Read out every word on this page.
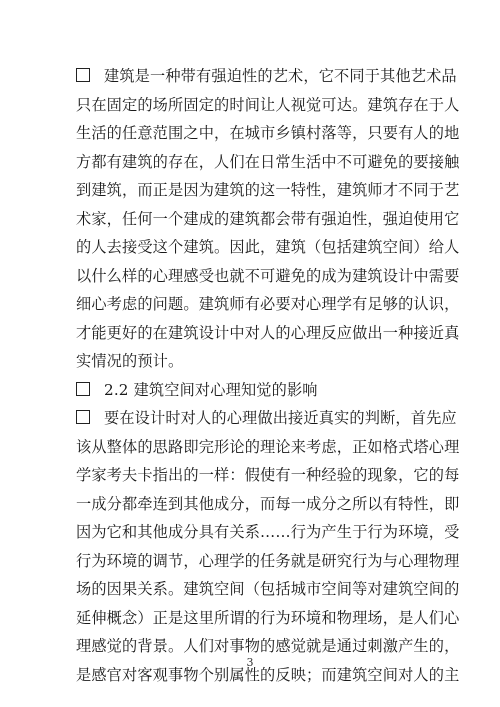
建筑是一种带有强迫性的艺术，它不同于其他艺术品
只在固定的场所固定的时间让人视觉可达。建筑存在于人
生活的任意范围之中，在城市乡镇村落等，只要有人的地
方都有建筑的存在，人们在日常生活中不可避免的要接触
到建筑，而正是因为建筑的这一特性，建筑师才不同于艺
术家，任何一个建成的建筑都会带有强迫性，强迫使用它
的人去接受这个建筑。因此，建筑（包括建筑空间）给人
以什么样的心理感受也就不可避免的成为建筑设计中需要
细心考虑的问题。建筑师有必要对心理学有足够的认识，
才能更好的在建筑设计中对人的心理反应做出一种接近真
实情况的预计。
2.2 建筑空间对心理知觉的影响
要在设计时对人的心理做出接近真实的判断，首先应
该从整体的思路即完形论的理论来考虑，正如格式塔心理
学家考夫卡指出的一样：假使有一种经验的现象，它的每
一成分都牵连到其他成分，而每一成分之所以有特性，即
因为它和其他成分具有关系……行为产生于行为环境，受
行为环境的调节，心理学的任务就是研究行为与心理物理
场的因果关系。建筑空间（包括城市空间等对建筑空间的
延伸概念）正是这里所谓的行为环境和物理场，是人们心
理感觉的背景。人们对事物的感觉就是通过刺激产生的，
是感官对客观事物个别属性的反映；而建筑空间对人的主
3
